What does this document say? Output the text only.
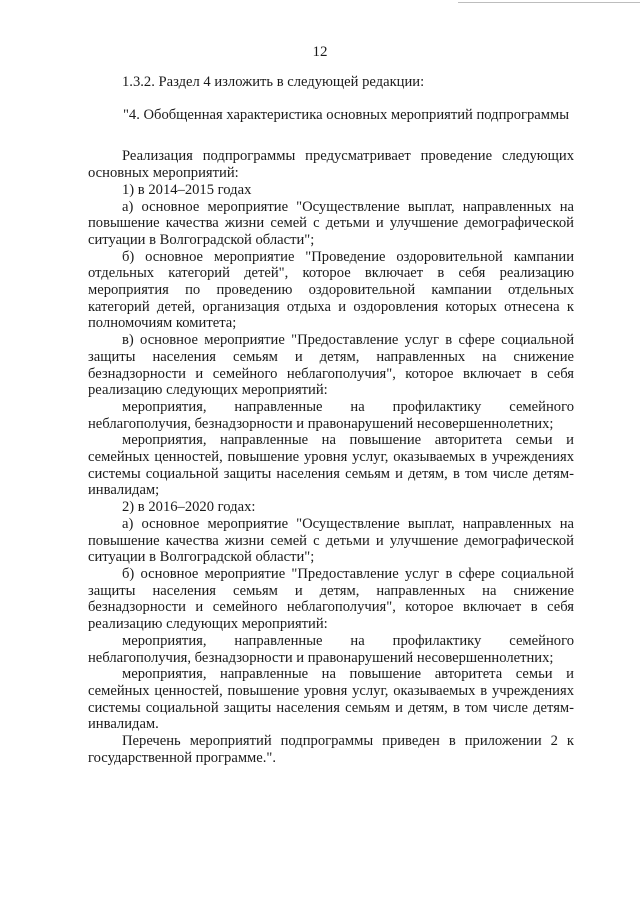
12

1.3.2. Раздел 4 изложить в следующей редакции:

"4. Обобщенная характеристика основных мероприятий подпрограммы

Реализация подпрограммы предусматривает проведение следующих основных мероприятий:

1) в 2014–2015 годах

а) основное мероприятие "Осуществление выплат, направленных на повышение качества жизни семей с детьми и улучшение демографической ситуации в Волгоградской области";

б) основное мероприятие "Проведение оздоровительной кампании отдельных категорий детей", которое включает в себя реализацию мероприятия по проведению оздоровительной кампании отдельных категорий детей, организация отдыха и оздоровления которых отнесена к полномочиям комитета;

в) основное мероприятие "Предоставление услуг в сфере социальной защиты населения семьям и детям, направленных на снижение безнадзорности и семейного неблагополучия", которое включает в себя реализацию следующих мероприятий:

мероприятия, направленные на профилактику семейного неблагополучия, безнадзорности и правонарушений несовершеннолетних;

мероприятия, направленные на повышение авторитета семьи и семейных ценностей, повышение уровня услуг, оказываемых в учреждениях системы социальной защиты населения семьям и детям, в том числе детям-инвалидам;

2) в 2016–2020 годах:

а) основное мероприятие "Осуществление выплат, направленных на повышение качества жизни семей с детьми и улучшение демографической ситуации в Волгоградской области";

б) основное мероприятие "Предоставление услуг в сфере социальной защиты населения семьям и детям, направленных на снижение безнадзорности и семейного неблагополучия", которое включает в себя реализацию следующих мероприятий:

мероприятия, направленные на профилактику семейного неблагополучия, безнадзорности и правонарушений несовершеннолетних;

мероприятия, направленные на повышение авторитета семьи и семейных ценностей, повышение уровня услуг, оказываемых в учреждениях системы социальной защиты населения семьям и детям, в том числе детям-инвалидам.

Перечень мероприятий подпрограммы приведен в приложении 2 к государственной программе.".
